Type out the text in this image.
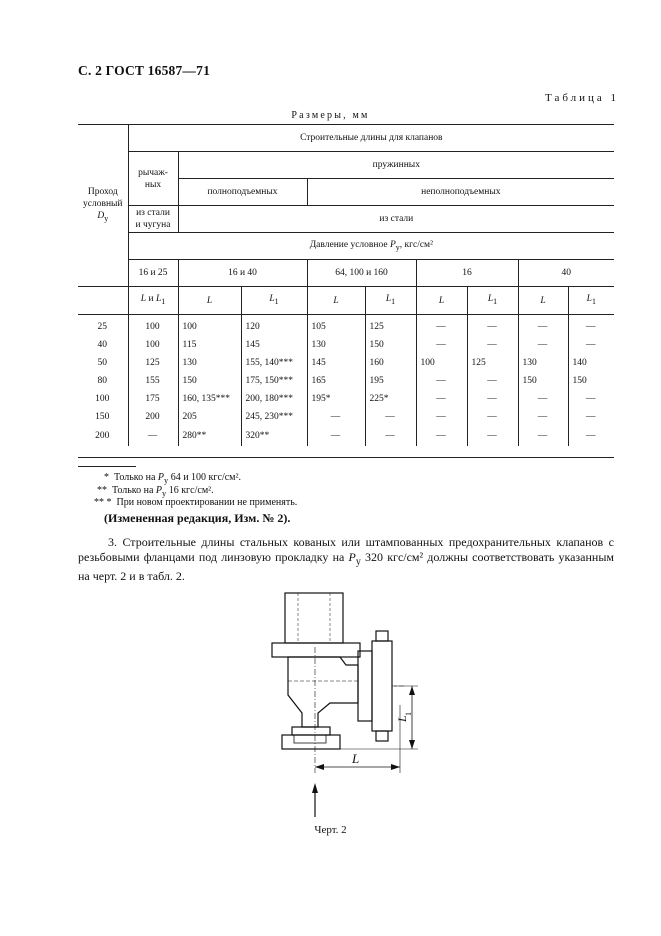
С. 2 ГОСТ 16587—71
Таблица 1
Размеры, мм
Проход
условный
$D_у$	Строительные длины для клапанов								
	рычаж-
ных	пружинных							
		полноподъемных		неполноподъемных					
	из стали
и чугуна	из стали							
	Давление условное $P_у$, кгс/см²								
	16 и 25	16 и 40		64, 100 и 160		16		40	
	L и $L_1$	L	$L_1$	L	$L_1$	L	$L_1$	L	$L_1$
25	100	100	120	105	125	—	—	—	—
40	100	115	145	130	150	—	—	—	—
50	125	130	155, 140***	145	160	100	125	130	140
80	155	150	175, 150***	165	195	—	—	150	150
100	175	160, 135***	200, 180***	195*	225*	—	—	—	—
150	200	205	245, 230***	—	—	—	—	—	—
200	—	280**	320**	—	—	—	—	—	—
* Только на $P_у$ 64 и 100 кгс/см².
** Только на $P_у$ 16 кгс/см².
** * При новом проектировании не применять.
(Измененная редакция, Изм. № 2).

3. Строительные длины стальных кованых или штампованных предохранительных клапанов с резьбовыми фланцами под линзовую прокладку на $P_у$ 320 кгс/см² должны соответствовать указанным на черт. 2 и в табл. 2.

L
1
L
Черт. 2
